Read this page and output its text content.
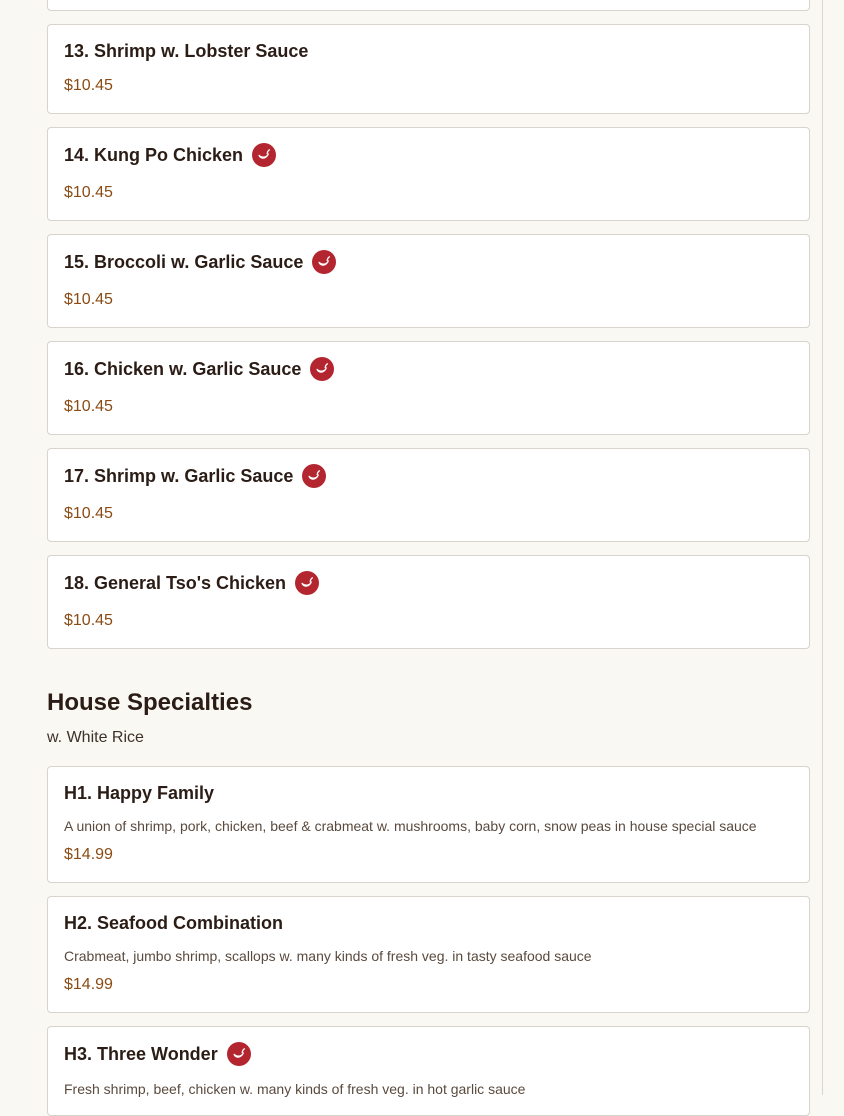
13. Shrimp w. Lobster Sauce
$10.45
14. Kung Po Chicken
$10.45
15. Broccoli w. Garlic Sauce
$10.45
16. Chicken w. Garlic Sauce
$10.45
17. Shrimp w. Garlic Sauce
$10.45
18. General Tso's Chicken
$10.45
House Specialties
w. White Rice
H1. Happy Family
A union of shrimp, pork, chicken, beef & crabmeat w. mushrooms, baby corn, snow peas in house special sauce
$14.99
H2. Seafood Combination
Crabmeat, jumbo shrimp, scallops w. many kinds of fresh veg. in tasty seafood sauce
$14.99
H3. Three Wonder
Fresh shrimp, beef, chicken w. many kinds of fresh veg. in hot garlic sauce
